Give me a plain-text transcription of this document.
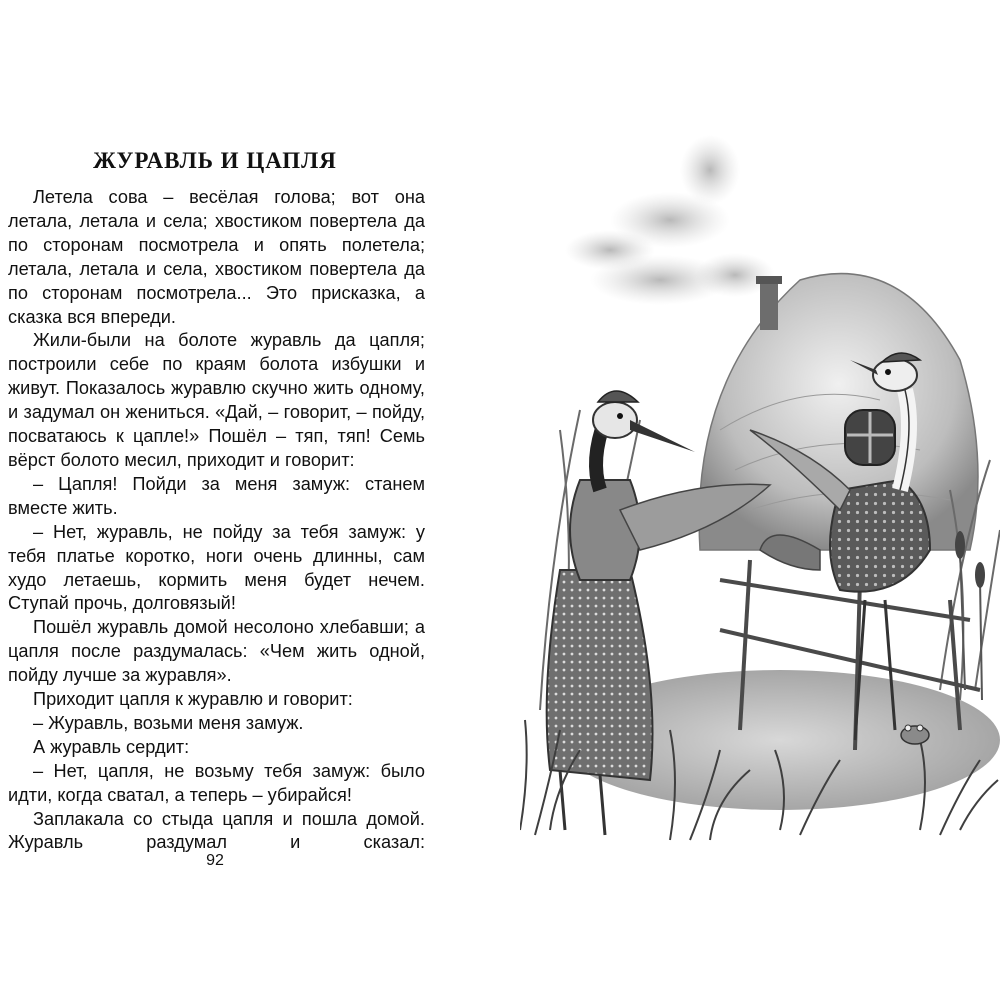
ЖУРАВЛЬ И ЦАПЛЯ

Летела сова – весёлая голова; вот она летала, летала и села; хвостиком повертела да по сторонам посмотрела и опять полетела; летала, летала и села, хвостиком повертела да по сторонам посмотрела... Это присказка, а сказка вся впереди.

Жили-были на болоте журавль да цапля; построили себе по краям болота избушки и живут. Показалось журавлю скучно жить одному, и задумал он жениться. «Дай, – говорит, – пойду, посватаюсь к цапле!» Пошёл – тяп, тяп! Семь вёрст болото месил, приходит и говорит:

– Цапля! Пойди за меня замуж: станем вместе жить.

– Нет, журавль, не пойду за тебя замуж: у тебя платье коротко, ноги очень длинны, сам худо летаешь, кормить меня будет нечем. Ступай прочь, долговязый!

Пошёл журавль домой несолоно хлебавши; а цапля после раздумалась: «Чем жить одной, пойду лучше за журавля».

Приходит цапля к журавлю и говорит:

– Журавль, возьми меня замуж.

А журавль сердит:

– Нет, цапля, не возьму тебя замуж: было идти, когда сватал, а теперь – убирайся!

Заплакала со стыда цапля и пошла домой. Журавль раздумал и сказал:

92
